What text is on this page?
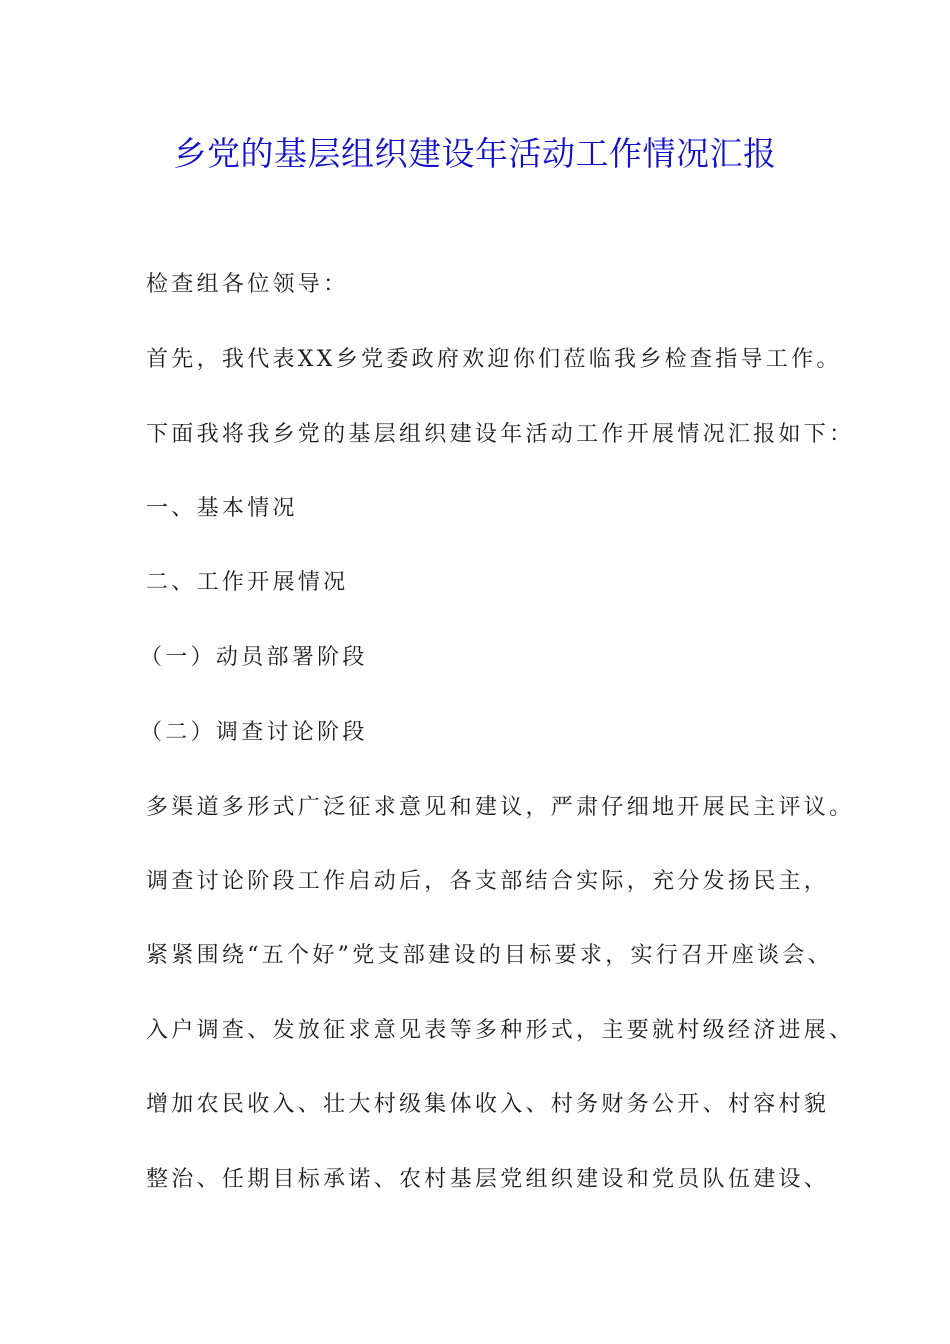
乡党的基层组织建设年活动工作情况汇报
检查组各位领导：
首先，我代表XX乡党委政府欢迎你们莅临我乡检查指导工作。
下面我将我乡党的基层组织建设年活动工作开展情况汇报如下：
一、基本情况
二、工作开展情况
（一）动员部署阶段
（二）调查讨论阶段
多渠道多形式广泛征求意见和建议，严肃仔细地开展民主评议。
调查讨论阶段工作启动后，各支部结合实际，充分发扬民主，
紧紧围绕“五个好”党支部建设的目标要求，实行召开座谈会、
入户调查、发放征求意见表等多种形式，主要就村级经济进展、
增加农民收入、壮大村级集体收入、村务财务公开、村容村貌
整治、任期目标承诺、农村基层党组织建设和党员队伍建设、
